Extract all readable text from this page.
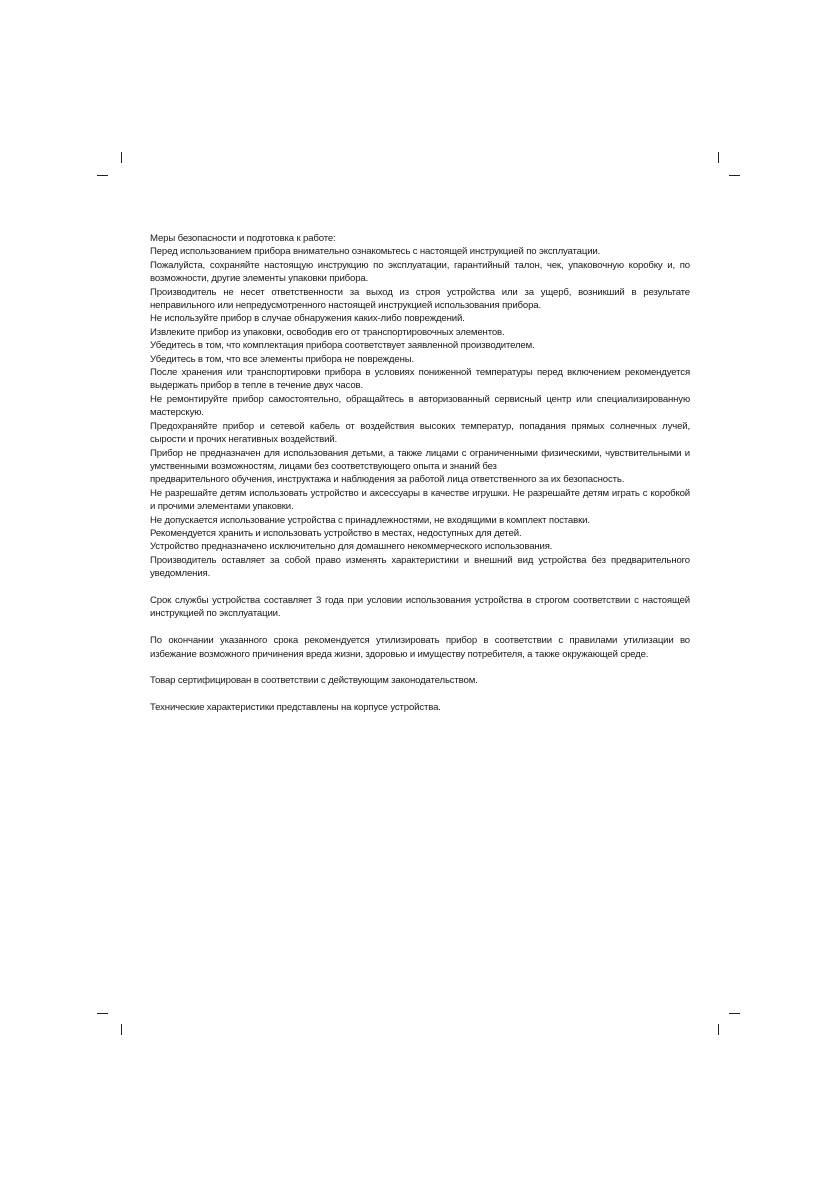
Меры безопасности и подготовка к работе:

Перед использованием прибора внимательно ознакомьтесь с настоящей инструкцией по эксплуатации.

Пожалуйста, сохраняйте настоящую инструкцию по эксплуатации, гарантийный талон, чек, упаковочную коробку и, по возможности, другие элементы упаковки прибора.

Производитель не несет ответственности за выход из строя устройства или за ущерб, возникший в результате неправильного или непредусмотренного настоящей инструкцией использования прибора.

Не используйте прибор в случае обнаружения каких-либо повреждений.

Извлеките прибор из упаковки, освободив его от транспортировочных элементов.

Убедитесь в том, что комплектация прибора соответствует заявленной производителем.

Убедитесь в том, что все элементы прибора не повреждены.

После хранения или транспортировки прибора в условиях пониженной температуры перед включением рекомендуется выдержать прибор в тепле в течение двух часов.

Не ремонтируйте прибор самостоятельно, обращайтесь в авторизованный сервисный центр или специализированную мастерскую.

Предохраняйте прибор и сетевой кабель от воздействия высоких температур, попадания прямых солнечных лучей, сырости и прочих негативных воздействий.

Прибор не предназначен для использования детьми, а также лицами с ограниченными физическими, чувствительными и умственными возможностям, лицами без соответствующего опыта и знаний без

предварительного обучения, инструктажа и наблюдения за работой лица ответственного за их безопасность.

Не разрешайте детям использовать устройство и аксессуары в качестве игрушки. Не разрешайте детям играть с коробкой и прочими элементами упаковки.

Не допускается использование устройства с принадлежностями, не входящими в комплект поставки.

Рекомендуется хранить и использовать устройство в местах, недоступных для детей.

Устройство предназначено исключительно для домашнего некоммерческого использования.

Производитель оставляет за собой право изменять характеристики и внешний вид устройства без предварительного уведомления.

Срок службы устройства составляет 3 года при условии использования устройства в строгом соответствии с настоящей инструкцией по эксплуатации.

По окончании указанного срока рекомендуется утилизировать прибор в соответствии с правилами утилизации во избежание возможного причинения вреда жизни, здоровью и имуществу потребителя, а также окружающей среде.

Товар сертифицирован в соответствии с действующим законодательством.

Технические характеристики представлены на корпусе устройства.
